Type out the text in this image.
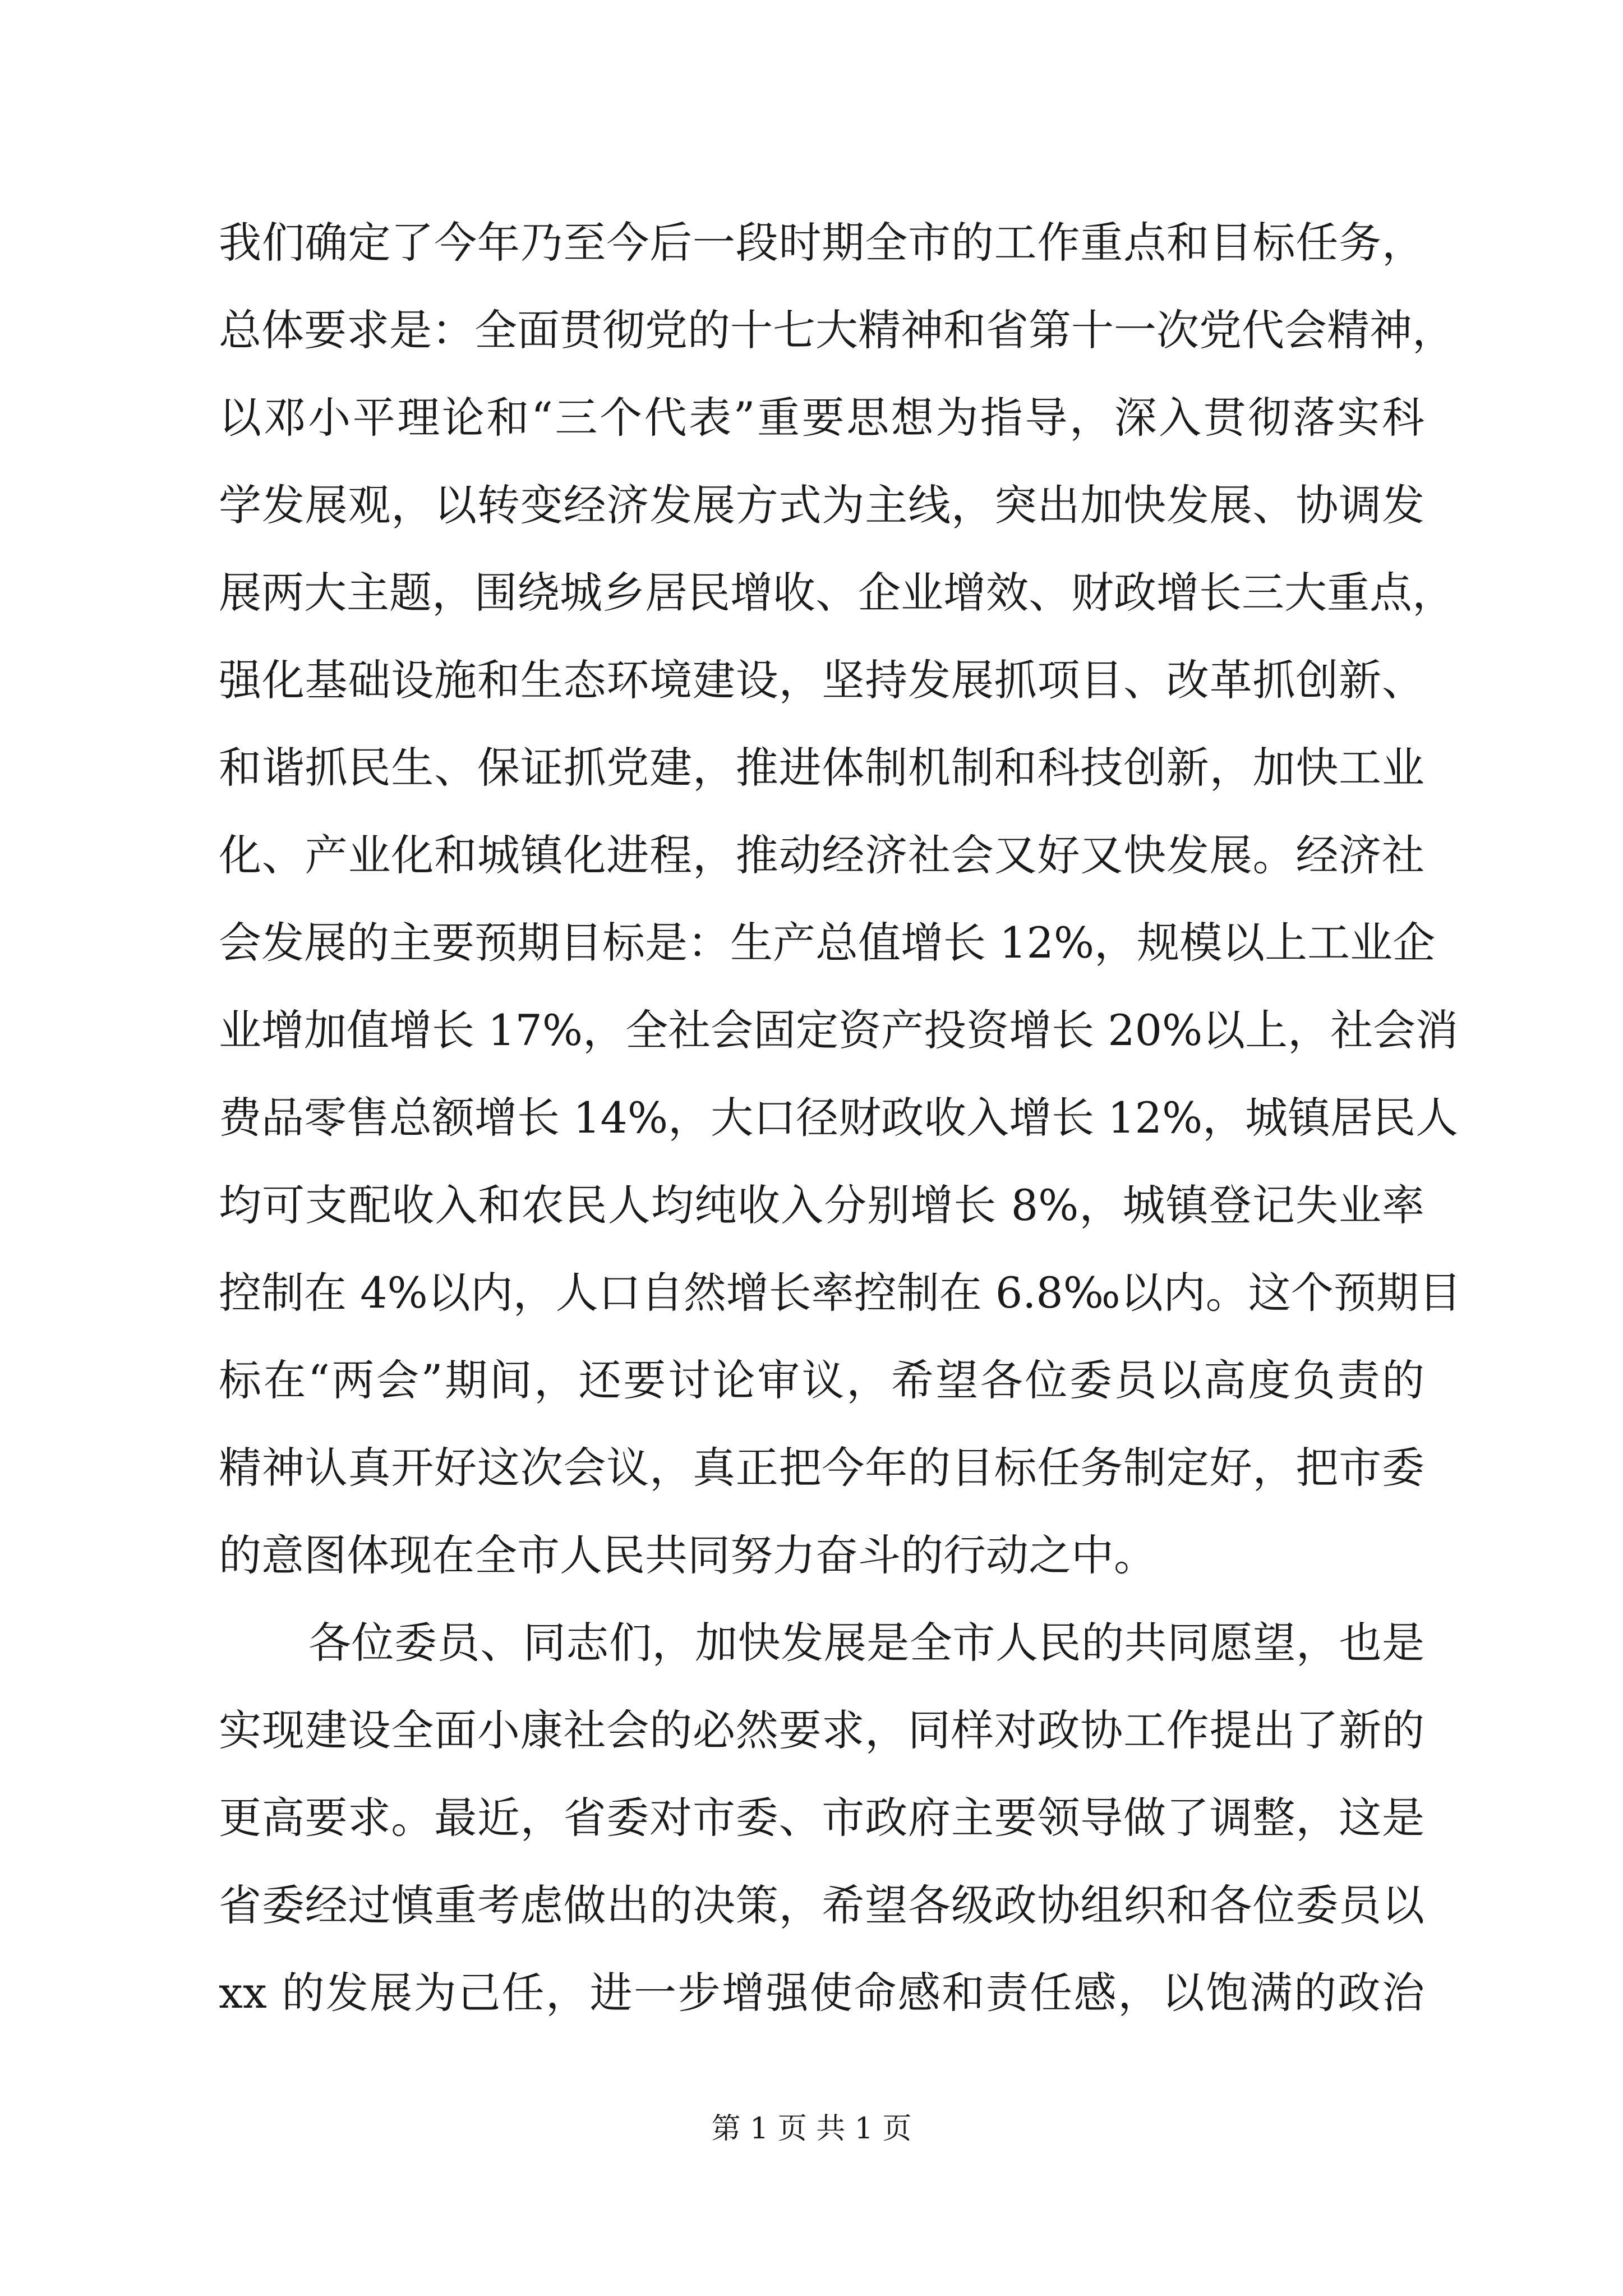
我们确定了今年乃至今后一段时期全市的工作重点和目标任务，
总体要求是：全面贯彻党的十七大精神和省第十一次党代会精神，
以邓小平理论和“三个代表”重要思想为指导，深入贯彻落实科
学发展观，以转变经济发展方式为主线，突出加快发展、协调发
展两大主题，围绕城乡居民增收、企业增效、财政增长三大重点，
强化基础设施和生态环境建设，坚持发展抓项目、改革抓创新、
和谐抓民生、保证抓党建，推进体制机制和科技创新，加快工业
化、产业化和城镇化进程，推动经济社会又好又快发展。经济社
会发展的主要预期目标是：生产总值增长 12%，规模以上工业企
业增加值增长 17%，全社会固定资产投资增长 20%以上，社会消
费品零售总额增长 14%，大口径财政收入增长 12%，城镇居民人
均可支配收入和农民人均纯收入分别增长 8%，城镇登记失业率
控制在 4%以内，人口自然增长率控制在 6.8‰以内。这个预期目
标在“两会”期间，还要讨论审议，希望各位委员以高度负责的
精神认真开好这次会议，真正把今年的目标任务制定好，把市委
的意图体现在全市人民共同努力奋斗的行动之中。
各位委员、同志们，加快发展是全市人民的共同愿望，也是
实现建设全面小康社会的必然要求，同样对政协工作提出了新的
更高要求。最近，省委对市委、市政府主要领导做了调整，这是
省委经过慎重考虑做出的决策，希望各级政协组织和各位委员以
xx 的发展为己任，进一步增强使命感和责任感，以饱满的政治
第 1 页 共 1 页
